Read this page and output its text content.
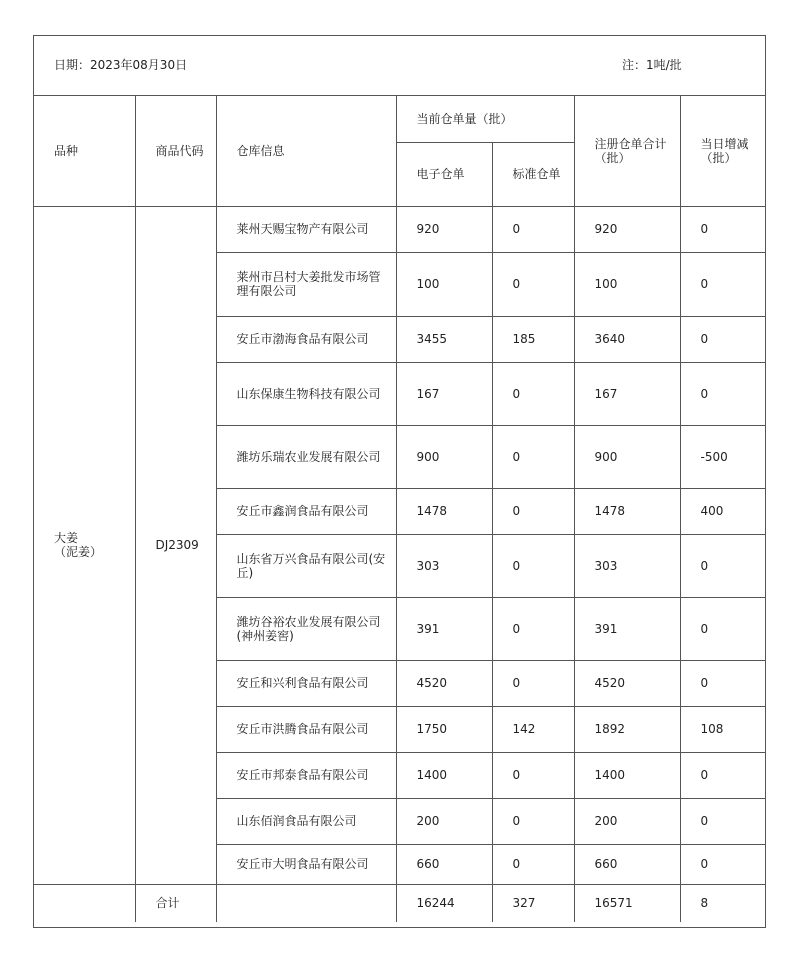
日期：2023年08月30日	注：1吨/批
品种	商品代码	仓库信息	当前仓单量（批）		注册仓单合计（批）	当日增减（批）
			电子仓单	标准仓单		

大姜
（泥姜）	DJ2309	莱州天赐宝物产有限公司	920	0	920	0
		莱州市吕村大姜批发市场管理有限公司	100	0	100	0
		安丘市渤海食品有限公司	3455	185	3640	0
		山东保康生物科技有限公司	167	0	167	0
		潍坊乐瑞农业发展有限公司	900	0	900	-500
		安丘市鑫润食品有限公司	1478	0	1478	400
		山东省万兴食品有限公司(安丘)	303	0	303	0
		潍坊谷裕农业发展有限公司(神州姜窖)	391	0	391	0
		安丘和兴利食品有限公司	4520	0	4520	0
		安丘市洪腾食品有限公司	1750	142	1892	108
		安丘市邦泰食品有限公司	1400	0	1400	0
		山东佰润食品有限公司	200	0	200	0
		安丘市大明食品有限公司	660	0	660	0
	合计		16244	327	16571	8
